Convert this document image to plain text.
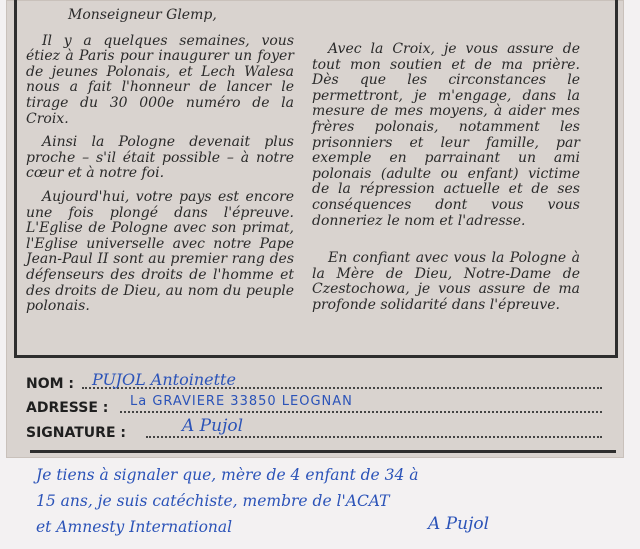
Monseigneur Glemp,

Il y a quelques semaines, vous étiez à Paris pour inaugurer un foyer de jeunes Polonais, et Lech Walesa nous a fait l'honneur de lancer le tirage du 30 000e numéro de la Croix.

Ainsi la Pologne devenait plus proche – s'il était possible – à notre cœur et à notre foi.

Aujourd'hui, votre pays est encore une fois plongé dans l'épreuve. L'Eglise de Pologne avec son primat, l'Eglise universelle avec notre Pape Jean-Paul II sont au premier rang des défenseurs des droits de l'homme et des droits de Dieu, au nom du peuple polonais.

Avec la Croix, je vous assure de tout mon soutien et de ma prière. Dès que les circonstances le permettront, je m'engage, dans la mesure de mes moyens, à aider mes frères polonais, notamment les prisonniers et leur famille, par exemple en parrainant un ami polonais (adulte ou enfant) victime de la répression actuelle et de ses conséquences dont vous vous donneriez le nom et l'adresse.

En confiant avec vous la Pologne à la Mère de Dieu, Notre-Dame de Czestochowa, je vous assure de ma profonde solidarité dans l'épreuve.

NOM : PUJOL Antoinette
ADRESSE : La GRAVIERE 33850 LEOGNAN
SIGNATURE :	A Pujol
Je tiens à signaler que, mère de 4 enfant de 34 à
15 ans, je suis catéchiste, membre de l'ACAT
et Amnesty International	A Pujol
